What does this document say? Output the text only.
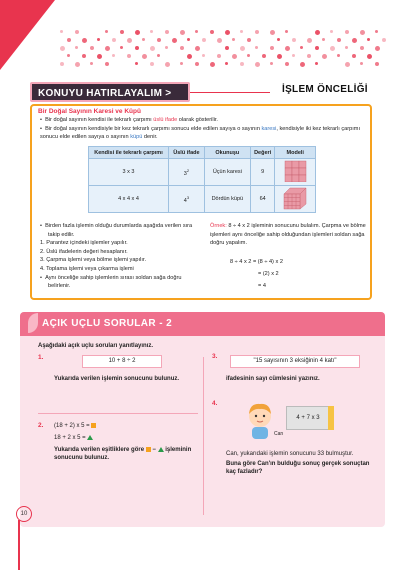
KONUYU HATIRLAYALIM >	İŞLEM ÖNCELİĞİ
Bir Doğal Sayının Karesi ve Küpü
•  Bir doğal sayının kendisi ile tekrarlı çarpımı üslü ifade olarak gösterilir.
•  Bir doğal sayının kendisiyle bir kez tekrarlı çarpımı sonucu elde edilen sayıya o sayının karesi, kendisiyle iki kez tekrarlı çarpımı sonucu elde edilen sayıya o sayının küpü denir.
Kendisi ile tekrarlı çarpımı	Üslü ifade	Okunuşu	Değeri	Modeli
3 x 3	$3^2$	Üçün karesi	9	
4 x 4 x 4	$4^3$	Dördün küpü	64	
•  Birden fazla işlemin olduğu durumlarda aşağıda verilen sıra takip edilir.
1. Parantez içindeki işlemler yapılır.
2. Üslü ifadelerin değeri hesaplanır.
3. Çarpma işlemi veya bölme işlemi yapılır.
4. Toplama işlemi veya çıkarma işlemi
•  Aynı önceliğe sahip işlemlerin sırası soldan sağa doğru belirlenir.
Örnek: 8 ÷ 4 x 2 işleminin sonucunu bulalım. Çarpma ve bölme işlemleri aynı önceliğe sahip olduğundan işlemleri soldan sağa doğru yapalım.
8 ÷ 4 x 2 = (8 ÷ 4) x 2
= (2) x 2
= 4
AÇIK UÇLU SORULAR - 2
Aşağıdaki açık uçlu soruları yanıtlayınız.
1.	10 + 8 ÷ 2
Yukarıda verilen işlemin sonucunu bulunuz.
2. (18 + 2) x 5 =
18 + 2 x 5 =
Yukarıda verilen eşitliklere göre − işleminin sonucunu bulunuz.
3.
"15 sayısının 3 eksiğinin 4 katı"
ifadesinin sayı cümlesini yazınız.
4.
Can
4 + 7 x 3
Can, yukarıdaki işlemin sonucunu 33 bulmuştur.
Buna göre Can'ın bulduğu sonuç gerçek sonuçtan kaç fazladır?
10
